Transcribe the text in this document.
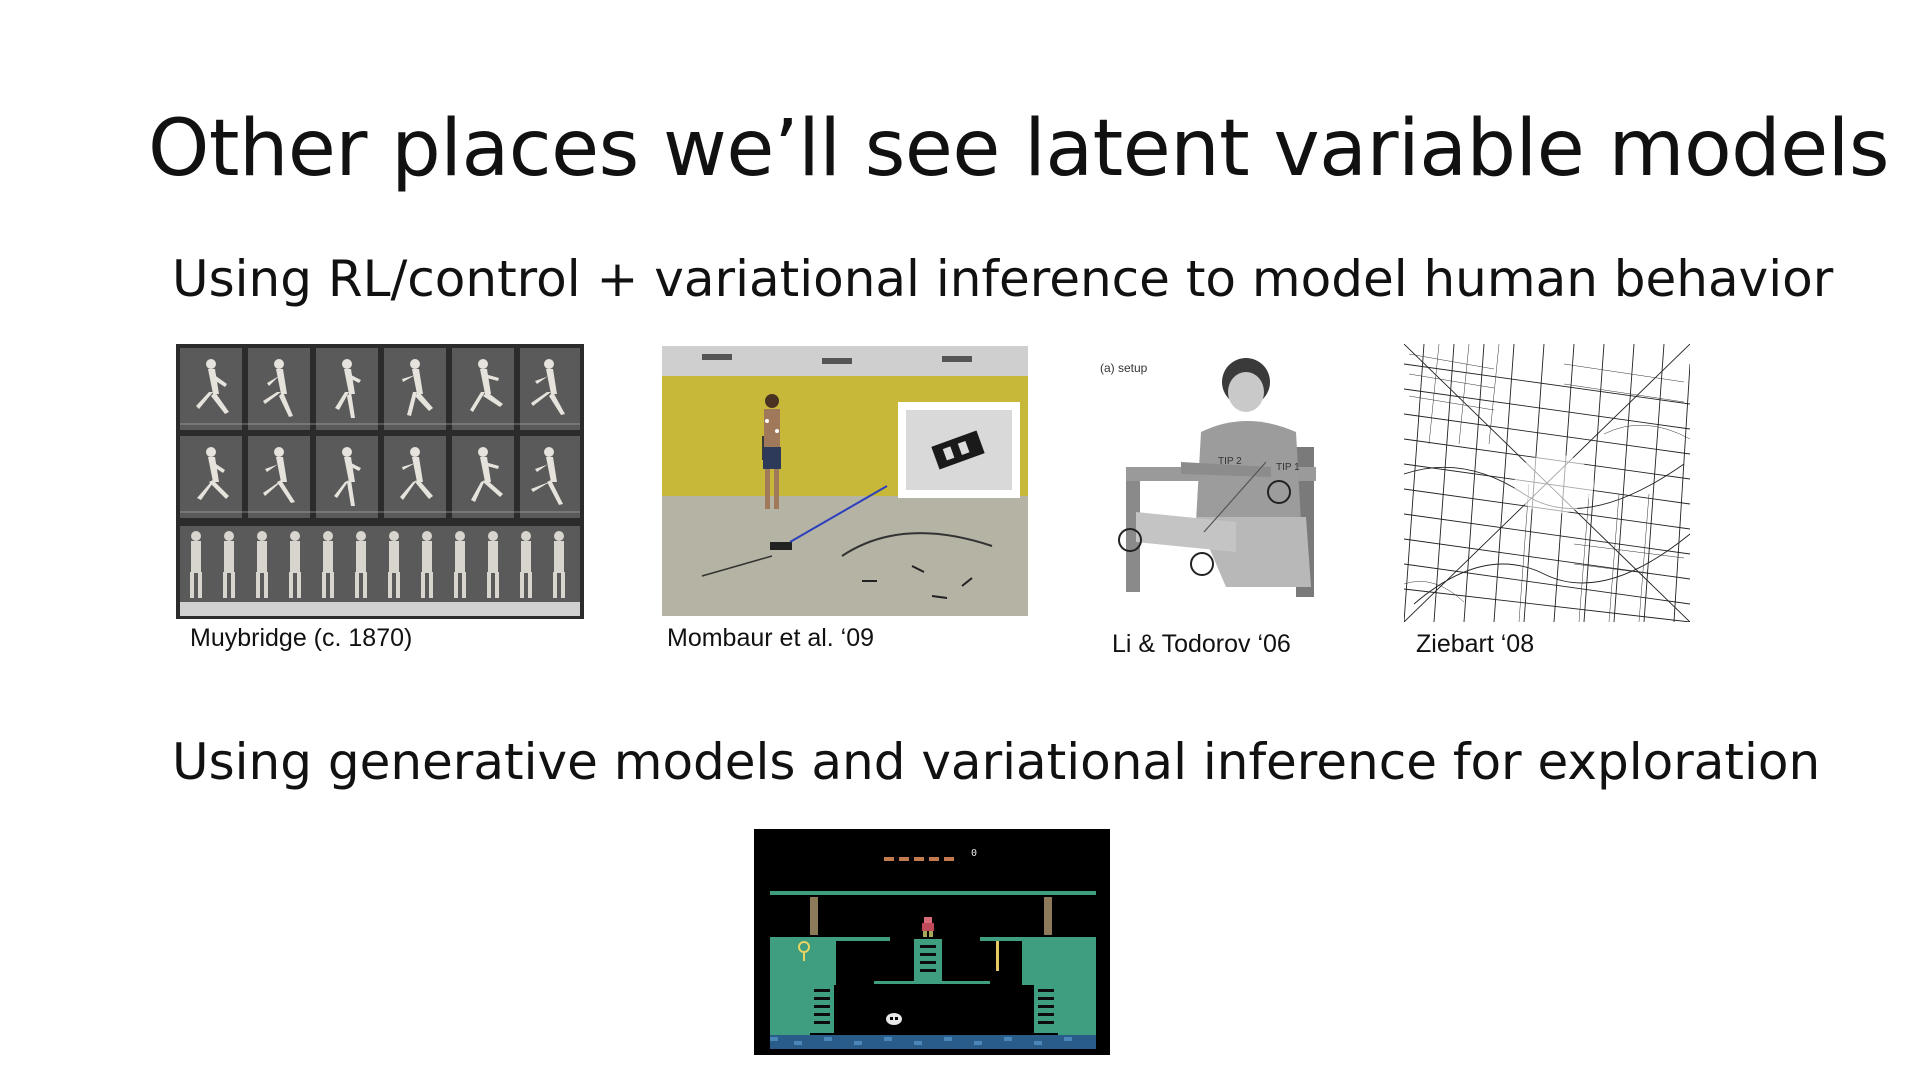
Other places we’ll see latent variable models
Using RL/control + variational inference to model human behavior
Muybridge (c. 1870)	Mombaur et al. ‘09
(a) setup
TIP 2
TIP 1
Li & Todorov ‘06	Ziebart ‘08
Using generative models and variational inference for exploration
0
